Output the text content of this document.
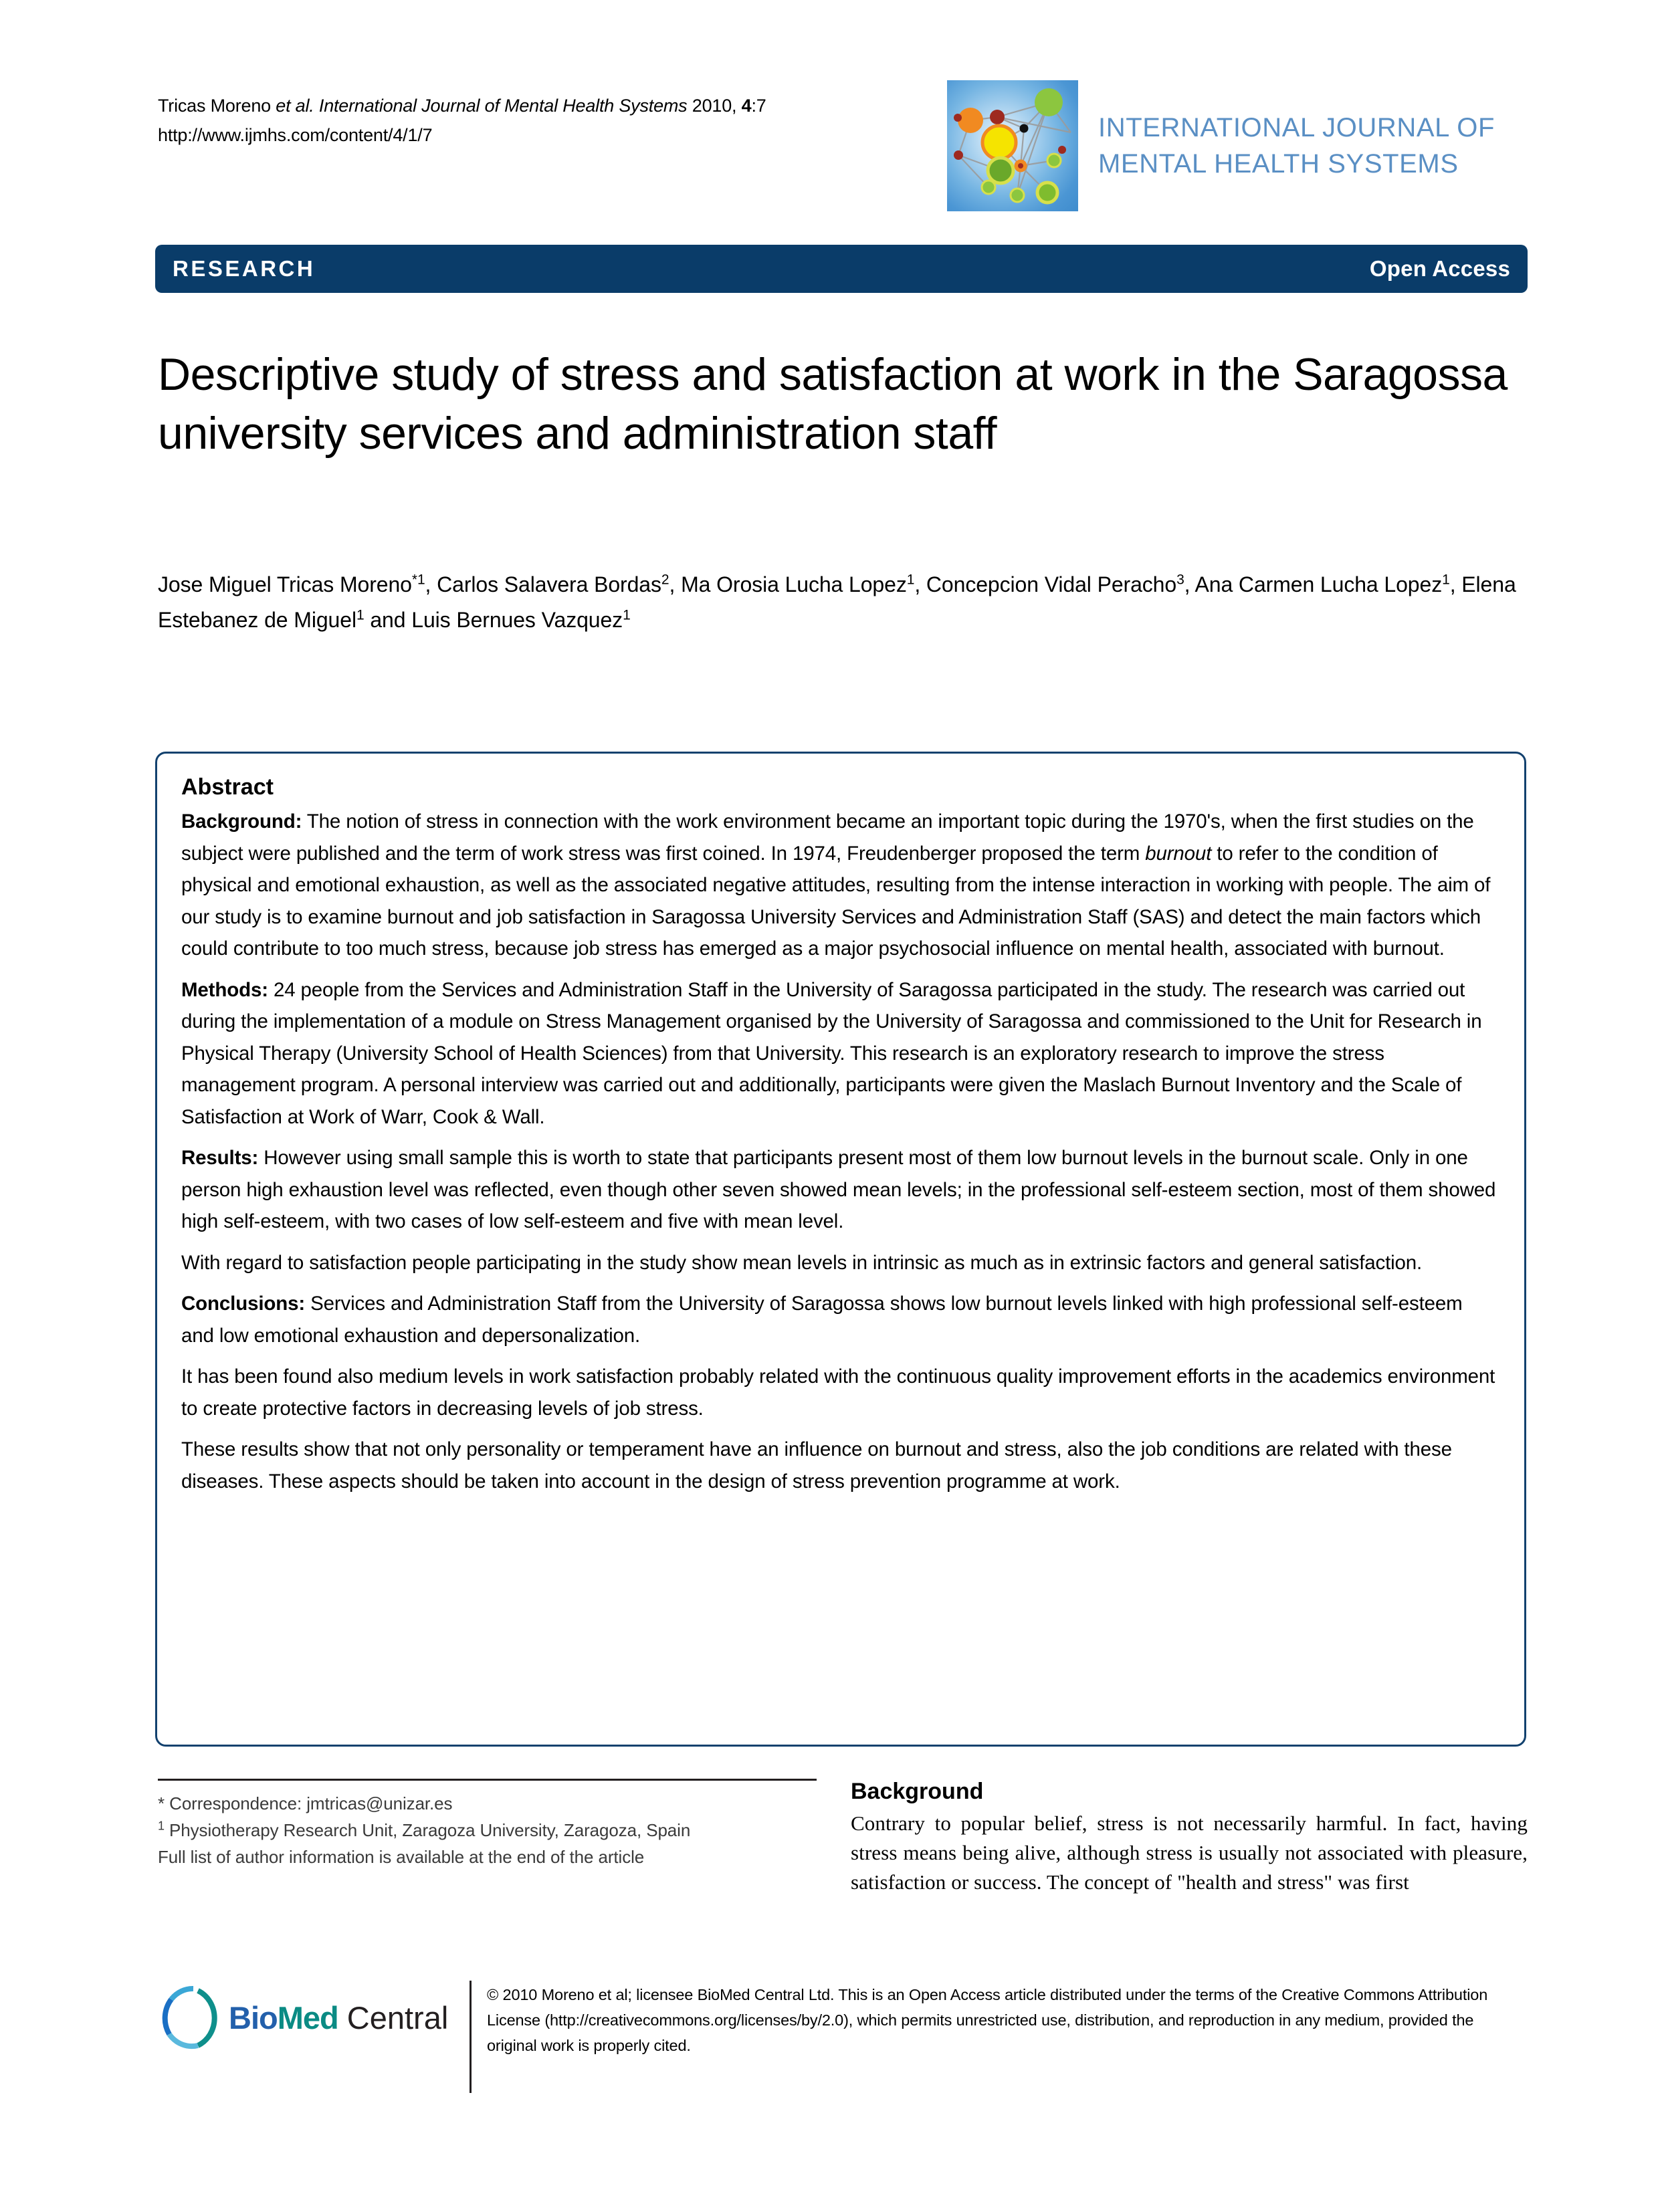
Tricas Moreno et al. International Journal of Mental Health Systems 2010, 4:7
http://www.ijmhs.com/content/4/1/7	INTERNATIONAL JOURNAL OF
MENTAL HEALTH SYSTEMS
RESEARCH	Open Access
Descriptive study of stress and satisfaction at work in the Saragossa university services and administration staff
Jose Miguel Tricas Moreno$^{*1}$, Carlos Salavera Bordas$^2$, Ma Orosia Lucha Lopez$^1$, Concepcion Vidal Peracho$^3$, Ana Carmen Lucha Lopez$^1$, Elena Estebanez de Miguel$^1$ and Luis Bernues Vazquez$^1$
Abstract

Background: The notion of stress in connection with the work environment became an important topic during the 1970's, when the first studies on the subject were published and the term of work stress was first coined. In 1974, Freudenberger proposed the term burnout to refer to the condition of physical and emotional exhaustion, as well as the associated negative attitudes, resulting from the intense interaction in working with people. The aim of our study is to examine burnout and job satisfaction in Saragossa University Services and Administration Staff (SAS) and detect the main factors which could contribute to too much stress, because job stress has emerged as a major psychosocial influence on mental health, associated with burnout.

Methods: 24 people from the Services and Administration Staff in the University of Saragossa participated in the study. The research was carried out during the implementation of a module on Stress Management organised by the University of Saragossa and commissioned to the Unit for Research in Physical Therapy (University School of Health Sciences) from that University. This research is an exploratory research to improve the stress management program. A personal interview was carried out and additionally, participants were given the Maslach Burnout Inventory and the Scale of Satisfaction at Work of Warr, Cook & Wall.

Results: However using small sample this is worth to state that participants present most of them low burnout levels in the burnout scale. Only in one person high exhaustion level was reflected, even though other seven showed mean levels; in the professional self-esteem section, most of them showed high self-esteem, with two cases of low self-esteem and five with mean level.

With regard to satisfaction people participating in the study show mean levels in intrinsic as much as in extrinsic factors and general satisfaction.

Conclusions: Services and Administration Staff from the University of Saragossa shows low burnout levels linked with high professional self-esteem and low emotional exhaustion and depersonalization.

It has been found also medium levels in work satisfaction probably related with the continuous quality improvement efforts in the academics environment to create protective factors in decreasing levels of job stress.

These results show that not only personality or temperament have an influence on burnout and stress, also the job conditions are related with these diseases. These aspects should be taken into account in the design of stress prevention programme at work.

* Correspondence: jmtricas@unizar.es
$^1$ Physiotherapy Research Unit, Zaragoza University, Zaragoza, Spain
Full list of author information is available at the end of the article
Background

Contrary to popular belief, stress is not necessarily harmful. In fact, having stress means being alive, although stress is usually not associated with pleasure, satisfaction or success. The concept of "health and stress" was first

BioMed Central
© 2010 Moreno et al; licensee BioMed Central Ltd. This is an Open Access article distributed under the terms of the Creative Commons Attribution License (http://creativecommons.org/licenses/by/2.0), which permits unrestricted use, distribution, and reproduction in any medium, provided the original work is properly cited.
